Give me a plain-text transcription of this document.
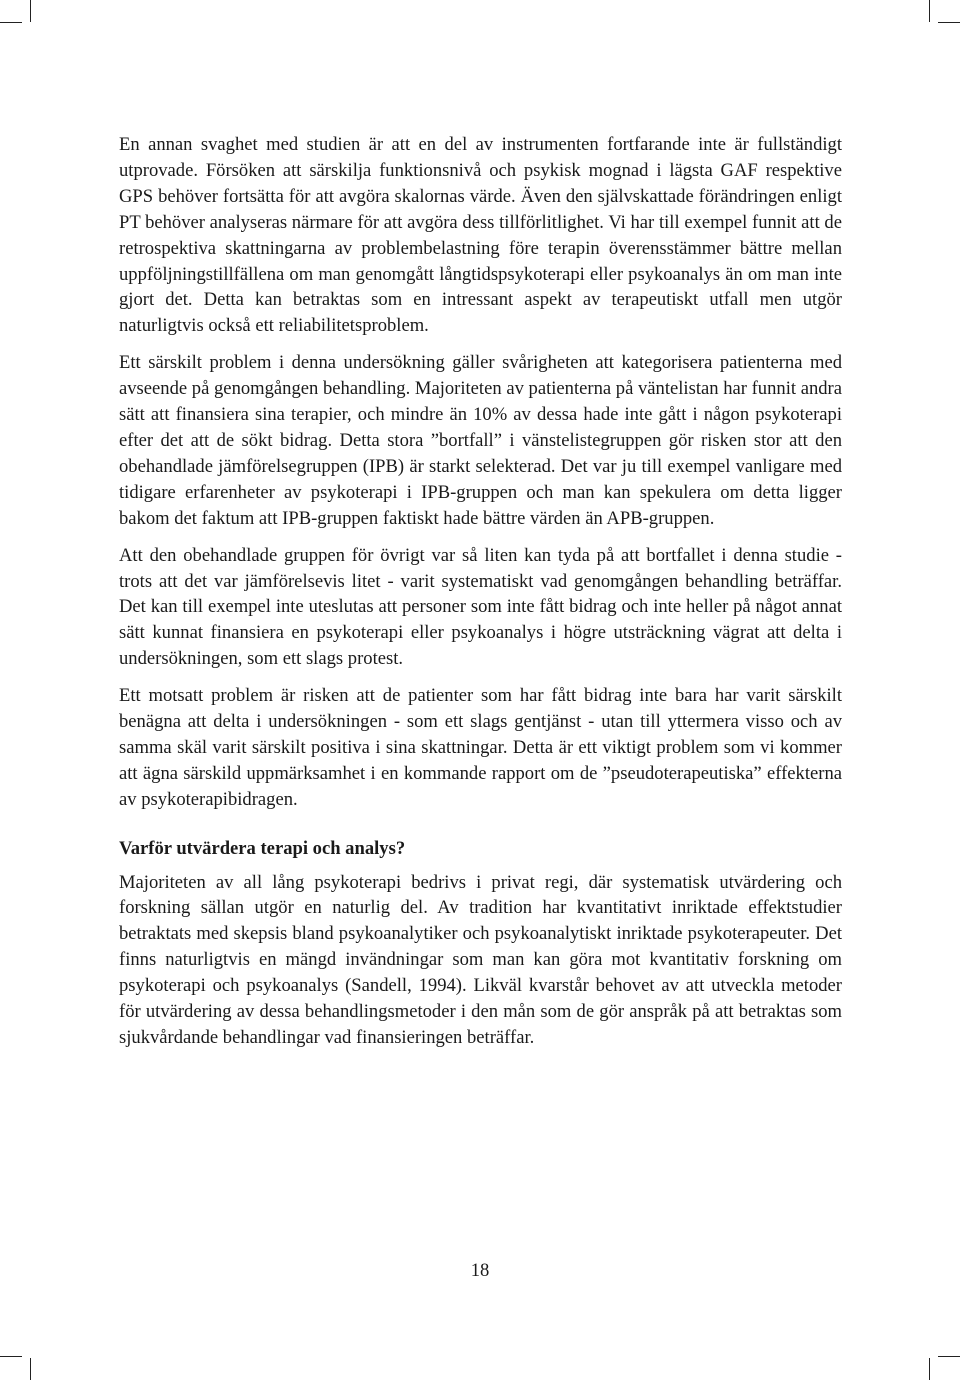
En annan svaghet med studien är att en del av instrumenten fortfarande inte är fullständigt utprovade. Försöken att särskilja funktionsnivå och psykisk mognad i lägsta GAF respektive GPS behöver fortsätta för att avgöra skalornas värde. Även den självskattade förändringen enligt PT behöver analyseras närmare för att avgöra dess tillförlitlighet. Vi har till exempel funnit att de retrospektiva skattningarna av problembelastning före terapin överensstämmer bättre mellan uppföljningstillfällena om man genomgått långtidspsykoterapi eller psykoanalys än om man inte gjort det. Detta kan betraktas som en intressant aspekt av terapeutiskt utfall men utgör naturligtvis också ett reliabilitetsproblem.

Ett särskilt problem i denna undersökning gäller svårigheten att kategorisera patienterna med avseende på genomgången behandling. Majoriteten av patienterna på väntelistan har funnit andra sätt att finansiera sina terapier, och mindre än 10% av dessa hade inte gått i någon psykoterapi efter det att de sökt bidrag. Detta stora ”bortfall” i vänstelistegruppen gör risken stor att den obehandlade jämförelsegruppen (IPB) är starkt selekterad. Det var ju till exempel vanligare med tidigare erfarenheter av psykoterapi i IPB-gruppen och man kan spekulera om detta ligger bakom det faktum att IPB-gruppen faktiskt hade bättre värden än APB-gruppen.

Att den obehandlade gruppen för övrigt var så liten kan tyda på att bortfallet i denna studie - trots att det var jämförelsevis litet - varit systematiskt vad genomgången behandling beträffar. Det kan till exempel inte uteslutas att personer som inte fått bidrag och inte heller på något annat sätt kunnat finansiera en psykoterapi eller psykoanalys i högre utsträckning vägrat att delta i undersökningen, som ett slags protest.

Ett motsatt problem är risken att de patienter som har fått bidrag inte bara har varit särskilt benägna att delta i undersökningen - som ett slags gentjänst - utan till yttermera visso och av samma skäl varit särskilt positiva i sina skattningar. Detta är ett viktigt problem som vi kommer att ägna särskild uppmärksamhet i en kommande rapport om de ”pseudoterapeutiska” effekterna av psykoterapibidragen.

Varför utvärdera terapi och analys?

Majoriteten av all lång psykoterapi bedrivs i privat regi, där systematisk utvärdering och forskning sällan utgör en naturlig del. Av tradition har kvantitativt inriktade effektstudier betraktats med skepsis bland psykoanalytiker och psykoanalytiskt inriktade psykoterapeuter. Det finns naturligtvis en mängd invändningar som man kan göra mot kvantitativ forskning om psykoterapi och psykoanalys (Sandell, 1994). Likväl kvarstår behovet av att utveckla metoder för utvärdering av dessa behandlingsmetoder i den mån som de gör anspråk på att betraktas som sjukvårdande behandlingar vad finansieringen beträffar.

18
